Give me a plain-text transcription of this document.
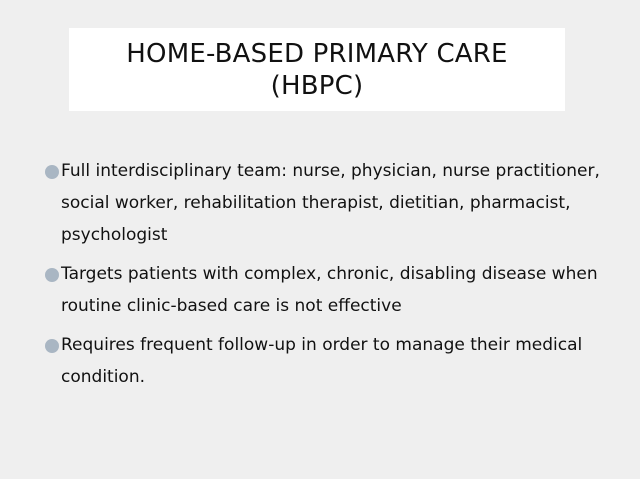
HOME-BASED PRIMARY CARE
(HBPC)
Full interdisciplinary team: nurse, physician, nurse practitioner, social worker, rehabilitation therapist, dietitian, pharmacist, psychologist
Targets patients with complex, chronic, disabling disease when routine clinic-based care is not effective
Requires frequent follow-up in order to manage their medical condition.
